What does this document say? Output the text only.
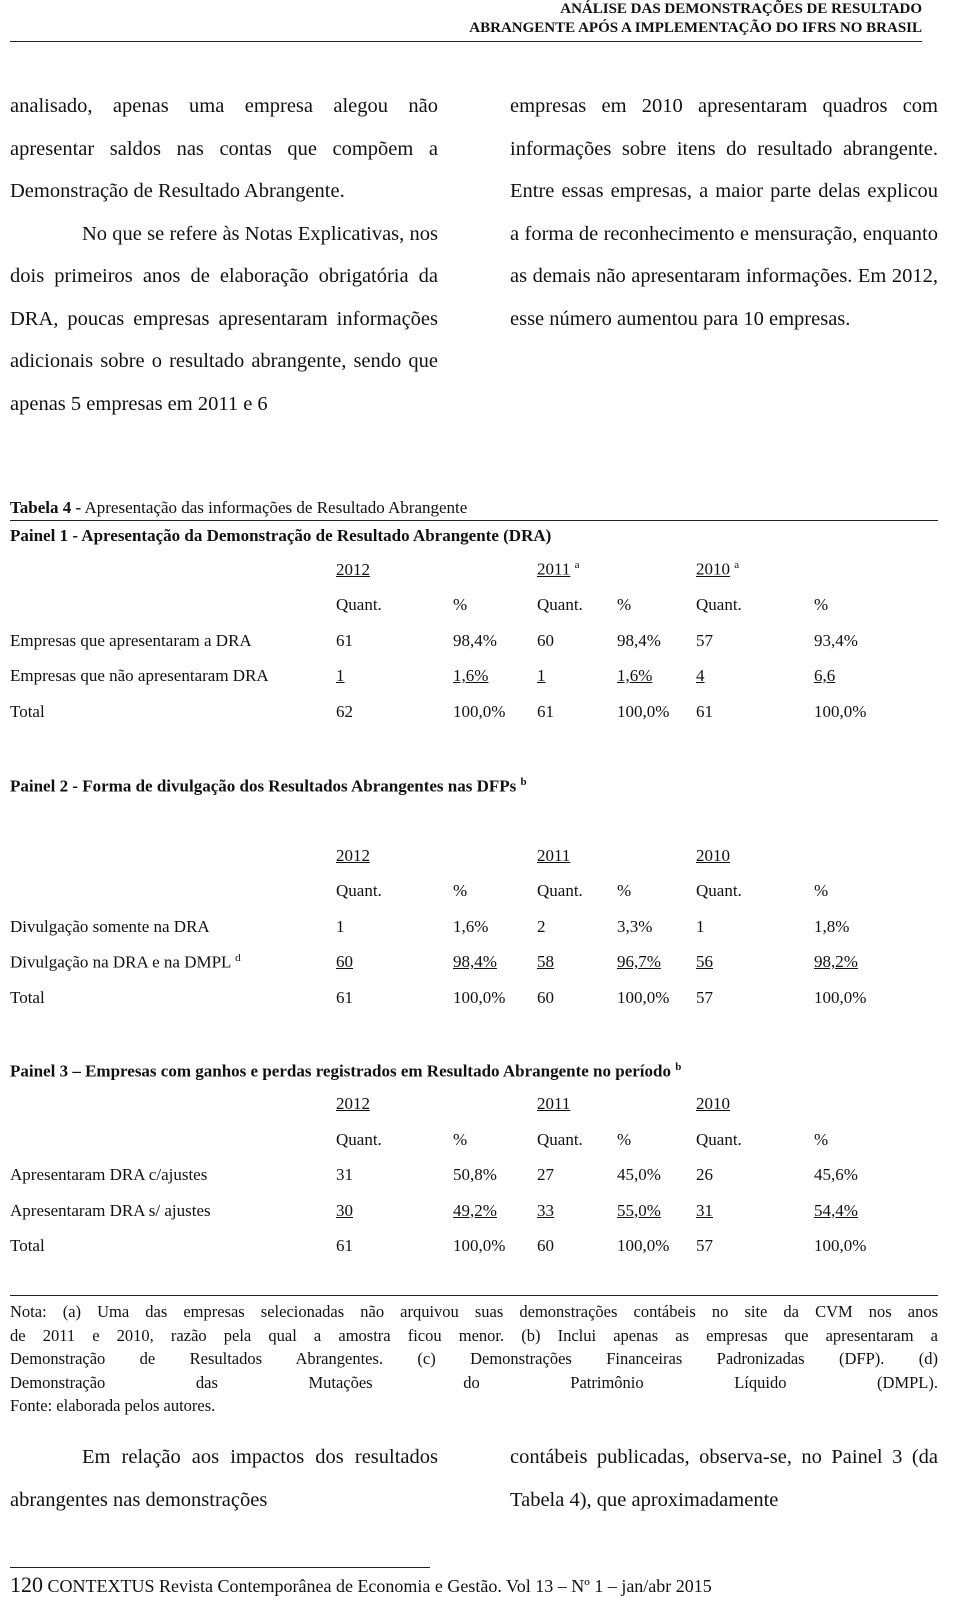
ANÁLISE DAS DEMONSTRAÇÕES DE RESULTADO
ABRANGENTE APÓS A IMPLEMENTAÇÃO DO IFRS NO BRASIL

analisado, apenas uma empresa alegou não apresentar saldos nas contas que compõem a Demonstração de Resultado Abrangente.

No que se refere às Notas Explicativas, nos dois primeiros anos de elaboração obrigatória da DRA, poucas empresas apresentaram informações adicionais sobre o resultado abrangente, sendo que apenas 5 empresas em 2011 e 6

empresas em 2010 apresentaram quadros com informações sobre itens do resultado abrangente. Entre essas empresas, a maior parte delas explicou a forma de reconhecimento e mensuração, enquanto as demais não apresentaram informações. Em 2012, esse número aumentou para 10 empresas.

Tabela 4 - Apresentação das informações de Resultado Abrangente
Painel 1 - Apresentação da Demonstração de Resultado Abrangente (DRA)
	2012		2011 $^a$		2010 $^a$
	Quant.	%	Quant.	%	Quant.	%
Empresas que apresentaram a DRA	61	98,4%	60	98,4%	57	93,4%
Empresas que não apresentaram DRA	1	1,6%	1	1,6%	4	6,6
Total	62	100,0%	61	100,0%	61	100,0%
Painel 2 - Forma de divulgação dos Resultados Abrangentes nas DFPs $^b$
	2012		2011		2010	
	Quant.	%	Quant.	%	Quant.	%
Divulgação somente na DRA	1	1,6%	2	3,3%	1	1,8%
Divulgação na DRA e na DMPL $^d$	60	98,4%	58	96,7%	56	98,2%
Total	61	100,0%	60	100,0%	57	100,0%
Painel 3 – Empresas com ganhos e perdas registrados em Resultado Abrangente no período $^b$
	2012		2011		2010	
	Quant.	%	Quant.	%	Quant.	%
Apresentaram DRA c/ajustes	31	50,8%	27	45,0%	26	45,6%
Apresentaram DRA s/ ajustes	30	49,2%	33	55,0%	31	54,4%
Total	61	100,0%	60	100,0%	57	100,0%

Nota: (a) Uma das empresas selecionadas não arquivou suas demonstrações contábeis no site da CVM nos anos

de 2011 e 2010, razão pela qual a amostra ficou menor. (b) Inclui apenas as empresas que apresentaram a

Demonstração de Resultados Abrangentes. (c) Demonstrações Financeiras Padronizadas (DFP). (d)

Demonstração das Mutações do Patrimônio Líquido (DMPL).

Fonte: elaborada pelos autores.

Em relação aos impactos dos resultados abrangentes nas demonstrações

contábeis publicadas, observa-se, no Painel 3 (da Tabela 4), que aproximadamente

120 CONTEXTUS Revista Contemporânea de Economia e Gestão. Vol 13 – Nº 1 – jan/abr 2015
